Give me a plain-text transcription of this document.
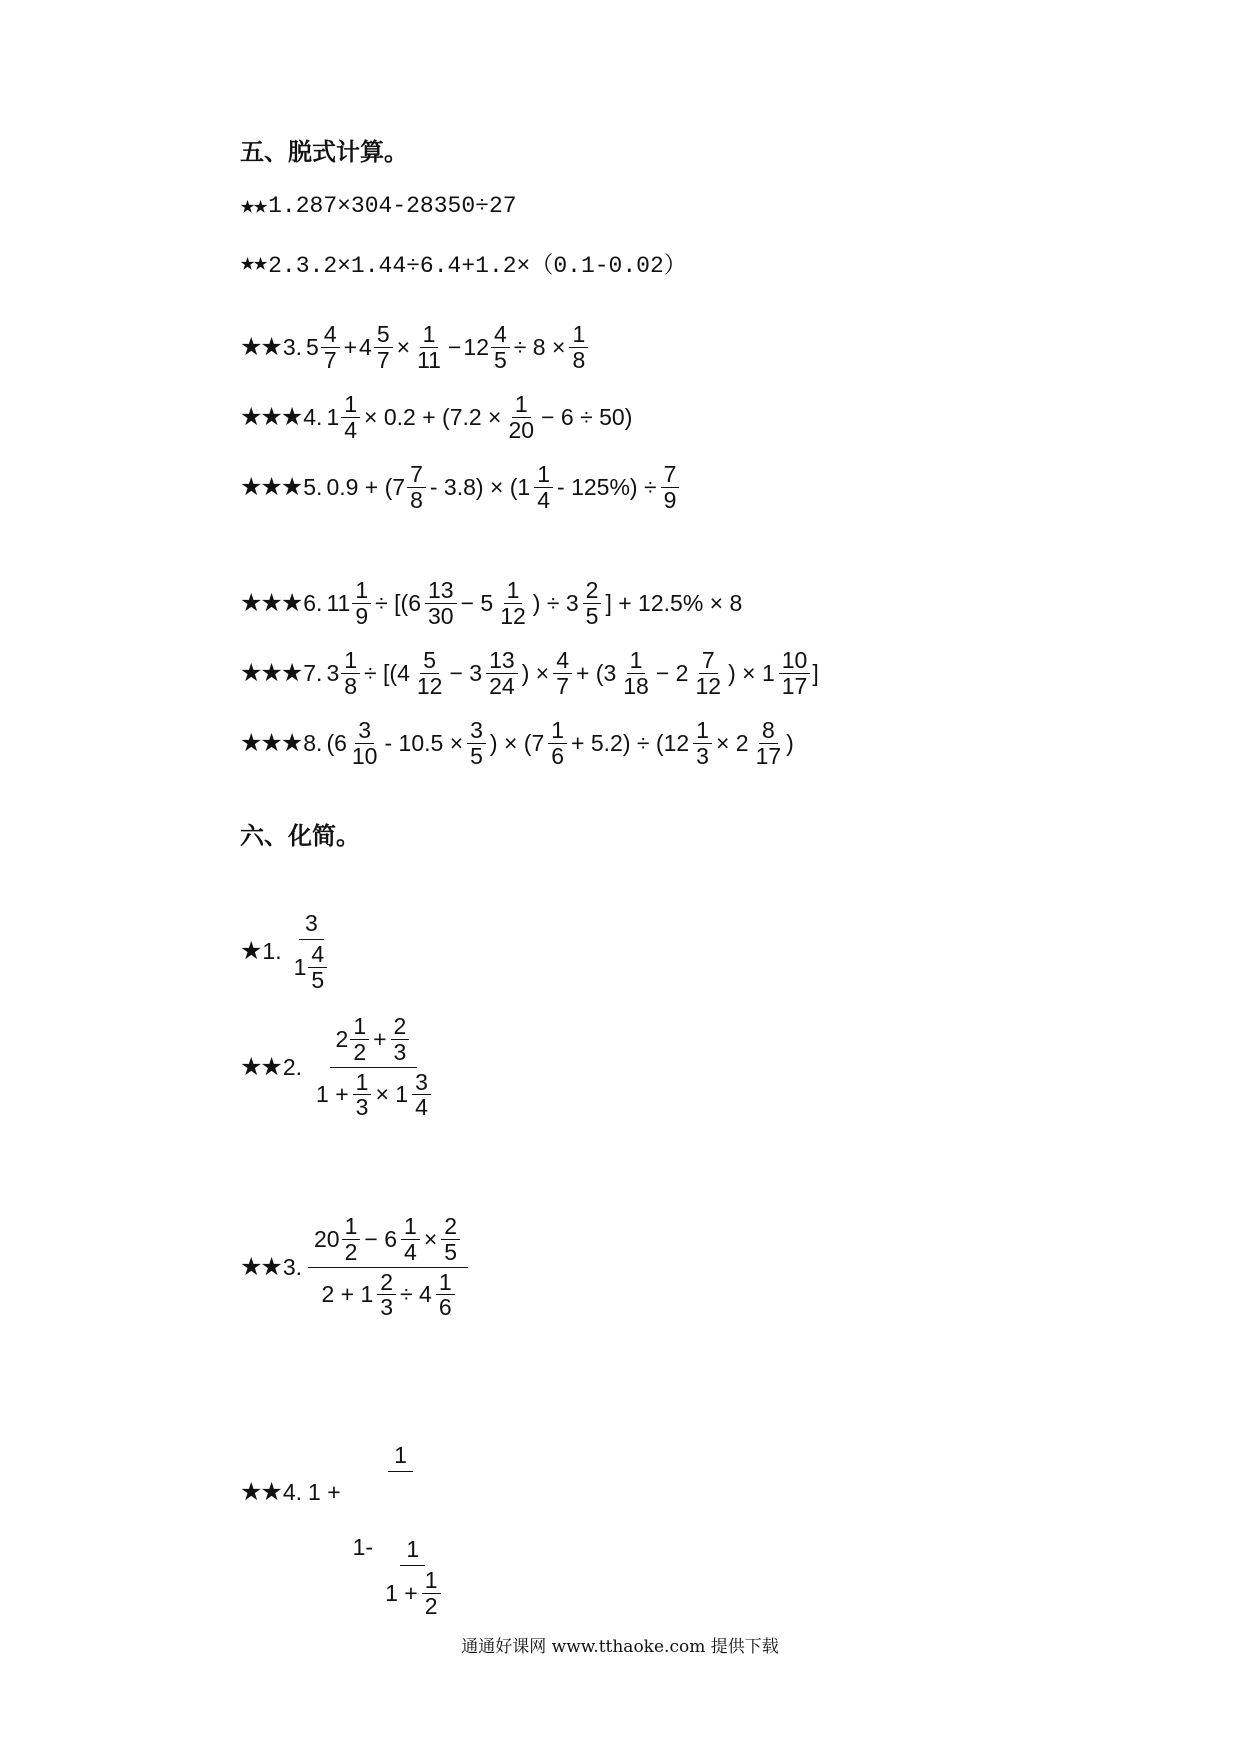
五、脱式计算。
★★ 1.287×304-28350÷27
★★ 2.3.2×1.44÷6.4+1.2×（0.1-0.02）
★★ 3. $5 \frac{4}{7} + 4 \frac{5}{7} \times \frac{1}{11} - 12 \frac{4}{5} \div 8 \times \frac{1}{8}$
★★★ 4. $1 \frac{1}{4} \times 0.2 + (7.2 \times \frac{1}{20} - 6 \div 50)$
★★★ 5. $0.9 + (7 \frac{7}{8} - 3.8) \times (1 \frac{1}{4} - 125\%) \div \frac{7}{9}$
★★★ 6. $11 \frac{1}{9} \div [(6 \frac{13}{30} - 5 \frac{1}{12}$ ) ÷ $3 \frac{2}{5}$ ] + 12.5% × 8
★★★ 7. $3 \frac{1}{8} \div [(4 \frac{5}{12} - 3 \frac{13}{24}$ ) × $\frac{4}{7} + (3 \frac{1}{18} - 2 \frac{7}{12}$ ) × $1 \frac{10}{17}$ ]
★★★ 8. ($6 \frac{3}{10} - 10.5 \times \frac{3}{5}$ ) × $(7 \frac{1}{6} + 5.2) \div (12 \frac{1}{3} \times 2 \frac{8}{17}$ )
六、化简。
★ 1.
3
$1 \frac{4}{5}$
★★ 2.
$2 \frac{1}{2} + \frac{2}{3}$
$1 + \frac{1}{3} \times 1 \frac{3}{4}$
★★ 3.
$20 \frac{1}{2} - 6 \frac{1}{4} \times \frac{2}{5}$
$2 + 1 \frac{2}{3} \div 4 \frac{1}{6}$
★★ 4. 1 + 1
1- 1
$1 + \frac{1}{2}$
通通好课网 www.tthaoke.com 提供下载
